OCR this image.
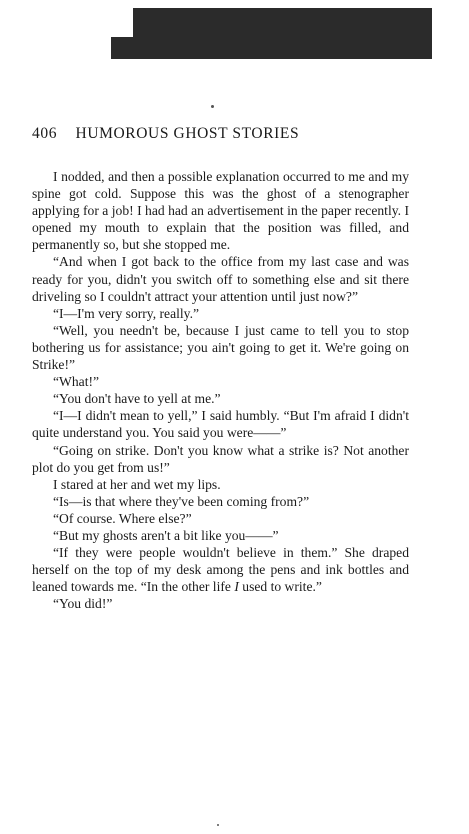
406 HUMOROUS GHOST STORIES

I nodded, and then a possible explanation occurred to me and my spine got cold. Suppose this was the ghost of a stenographer applying for a job! I had had an advertisement in the paper recently. I opened my mouth to explain that the position was filled, and permanently so, but she stopped me.

“And when I got back to the office from my last case and was ready for you, didn't you switch off to something else and sit there driveling so I couldn't attract your attention until just now?”

“I—I'm very sorry, really.”

“Well, you needn't be, because I just came to tell you to stop bothering us for assistance; you ain't going to get it. We're going on Strike!”

“What!”

“You don't have to yell at me.”

“I—I didn't mean to yell,” I said humbly. “But I'm afraid I didn't quite understand you. You said you were——”

“Going on strike. Don't you know what a strike is? Not another plot do you get from us!”

I stared at her and wet my lips.

“Is—is that where they've been coming from?”

“Of course. Where else?”

“But my ghosts aren't a bit like you——”

“If they were people wouldn't believe in them.” She draped herself on the top of my desk among the pens and ink bottles and leaned towards me. “In the other life I used to write.”

“You did!”
